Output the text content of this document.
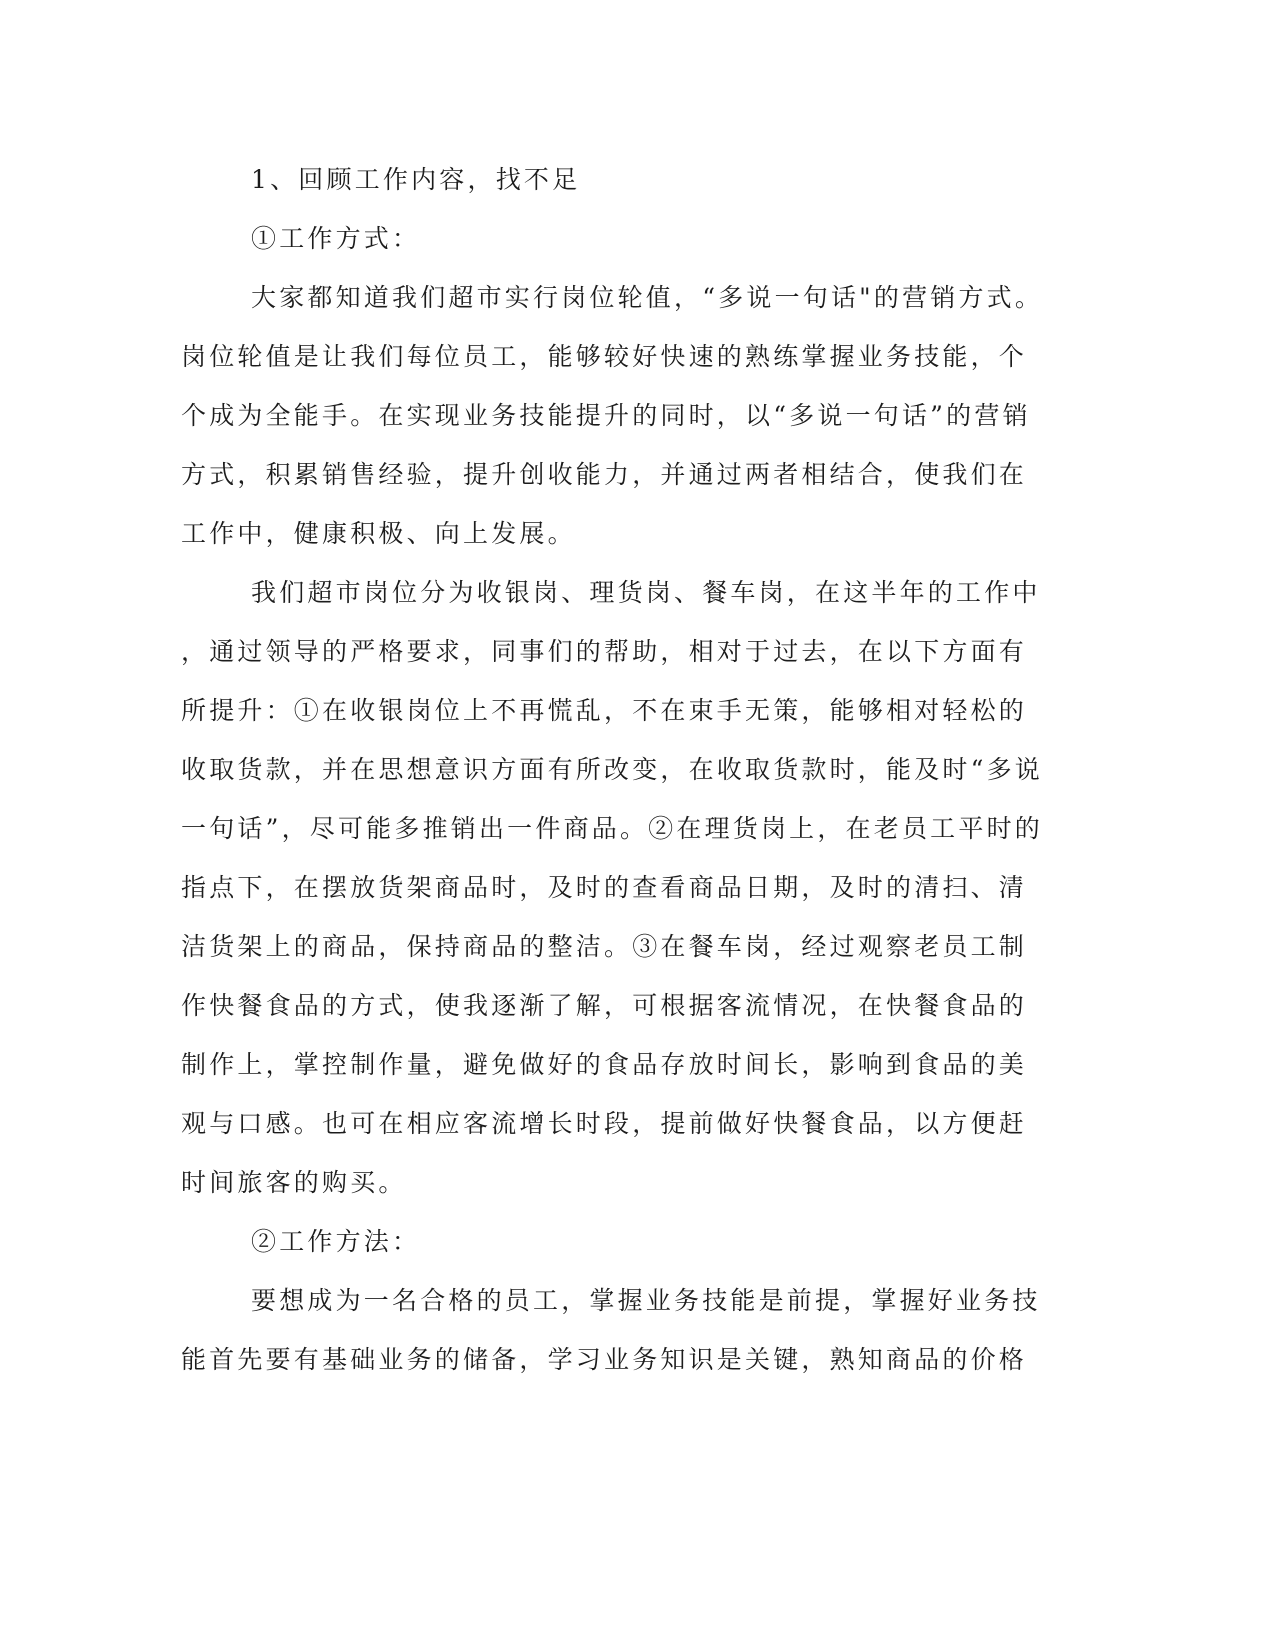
1、回顾工作内容，找不足
①工作方式：
大家都知道我们超市实行岗位轮值，“多说一句话"的营销方式。
岗位轮值是让我们每位员工，能够较好快速的熟练掌握业务技能，个
个成为全能手。在实现业务技能提升的同时，以“多说一句话”的营销
方式，积累销售经验，提升创收能力，并通过两者相结合，使我们在
工作中，健康积极、向上发展。
我们超市岗位分为收银岗、理货岗、餐车岗，在这半年的工作中
，通过领导的严格要求，同事们的帮助，相对于过去，在以下方面有
所提升：①在收银岗位上不再慌乱，不在束手无策，能够相对轻松的
收取货款，并在思想意识方面有所改变，在收取货款时，能及时“多说
一句话”，尽可能多推销出一件商品。②在理货岗上，在老员工平时的
指点下，在摆放货架商品时，及时的查看商品日期，及时的清扫、清
洁货架上的商品，保持商品的整洁。③在餐车岗，经过观察老员工制
作快餐食品的方式，使我逐渐了解，可根据客流情况，在快餐食品的
制作上，掌控制作量，避免做好的食品存放时间长，影响到食品的美
观与口感。也可在相应客流增长时段，提前做好快餐食品，以方便赶
时间旅客的购买。
②工作方法：
要想成为一名合格的员工，掌握业务技能是前提，掌握好业务技
能首先要有基础业务的储备，学习业务知识是关键，熟知商品的价格
